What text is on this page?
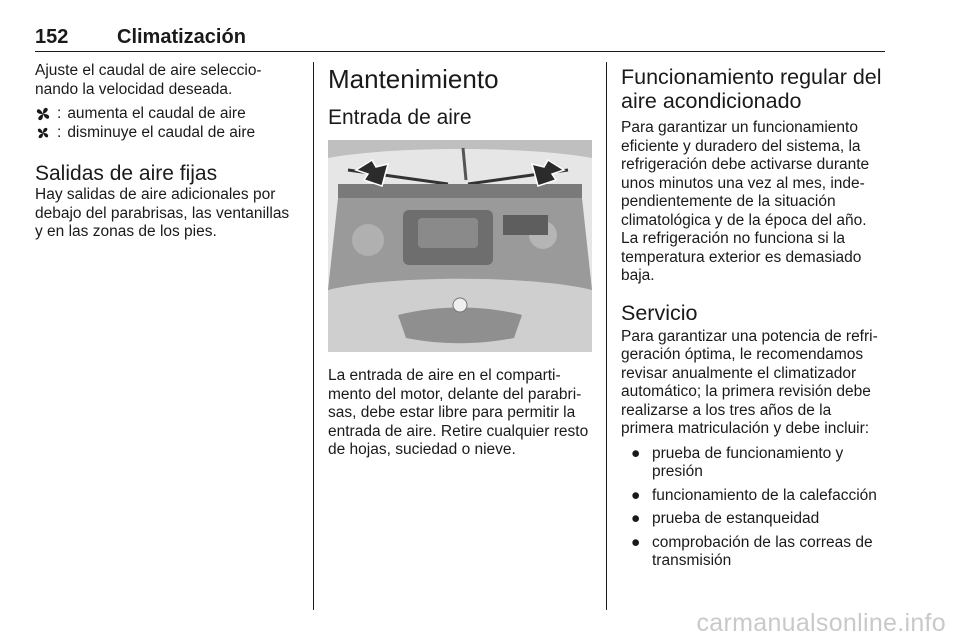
152 Climatización

Ajuste el caudal de aire seleccio-

nando la velocidad deseada.

: aumenta el caudal de aire
: disminuye el caudal de aire
Salidas de aire fijas

Hay salidas de aire adicionales por

debajo del parabrisas, las ventanillas

y en las zonas de los pies.

Mantenimiento
Entrada de aire

La entrada de aire en el comparti-

mento del motor, delante del parabri-

sas, debe estar libre para permitir la

entrada de aire. Retire cualquier resto

de hojas, suciedad o nieve.

Funcionamiento regular del
aire acondicionado

Para garantizar un funcionamiento

eficiente y duradero del sistema, la

refrigeración debe activarse durante

unos minutos una vez al mes, inde-

pendientemente de la situación

climatológica y de la época del año.

La refrigeración no funciona si la

temperatura exterior es demasiado

baja.

Servicio

Para garantizar una potencia de refri-

geración óptima, le recomendamos

revisar anualmente el climatizador

automático; la primera revisión debe

realizarse a los tres años de la

primera matriculación y debe incluir:

● prueba de funcionamiento y
presión
● funcionamiento de la calefacción
● prueba de estanqueidad
● comprobación de las correas de
transmisión
carmanualsonline.info
